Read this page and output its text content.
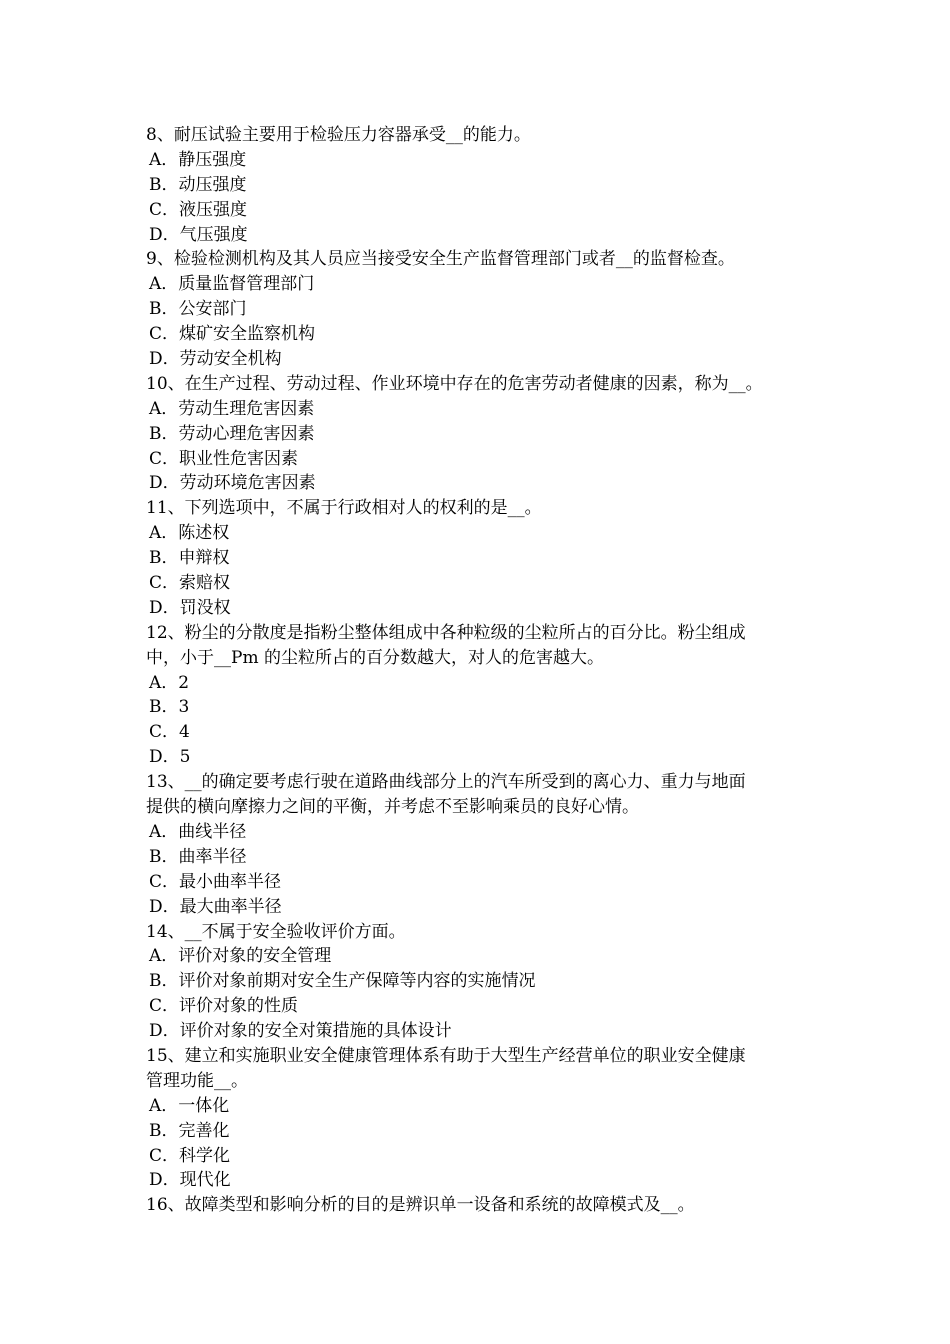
8、耐压试验主要用于检验压力容器承受__的能力。
A．静压强度
B．动压强度
C．液压强度
D．气压强度
9、检验检测机构及其人员应当接受安全生产监督管理部门或者__的监督检查。
A．质量监督管理部门
B．公安部门
C．煤矿安全监察机构
D．劳动安全机构
10、在生产过程、劳动过程、作业环境中存在的危害劳动者健康的因素，称为__。
A．劳动生理危害因素
B．劳动心理危害因素
C．职业性危害因素
D．劳动环境危害因素
11、下列选项中，不属于行政相对人的权利的是__。
A．陈述权
B．申辩权
C．索赔权
D．罚没权
12、粉尘的分散度是指粉尘整体组成中各种粒级的尘粒所占的百分比。粉尘组成
中，小于__Pm 的尘粒所占的百分数越大，对人的危害越大。
A．2
B．3
C．4
D．5
13、__的确定要考虑行驶在道路曲线部分上的汽车所受到的离心力、重力与地面
提供的横向摩擦力之间的平衡，并考虑不至影响乘员的良好心情。
A．曲线半径
B．曲率半径
C．最小曲率半径
D．最大曲率半径
14、__不属于安全验收评价方面。
A．评价对象的安全管理
B．评价对象前期对安全生产保障等内容的实施情况
C．评价对象的性质
D．评价对象的安全对策措施的具体设计
15、建立和实施职业安全健康管理体系有助于大型生产经营单位的职业安全健康
管理功能__。
A．一体化
B．完善化
C．科学化
D．现代化
16、故障类型和影响分析的目的是辨识单一设备和系统的故障模式及__。
